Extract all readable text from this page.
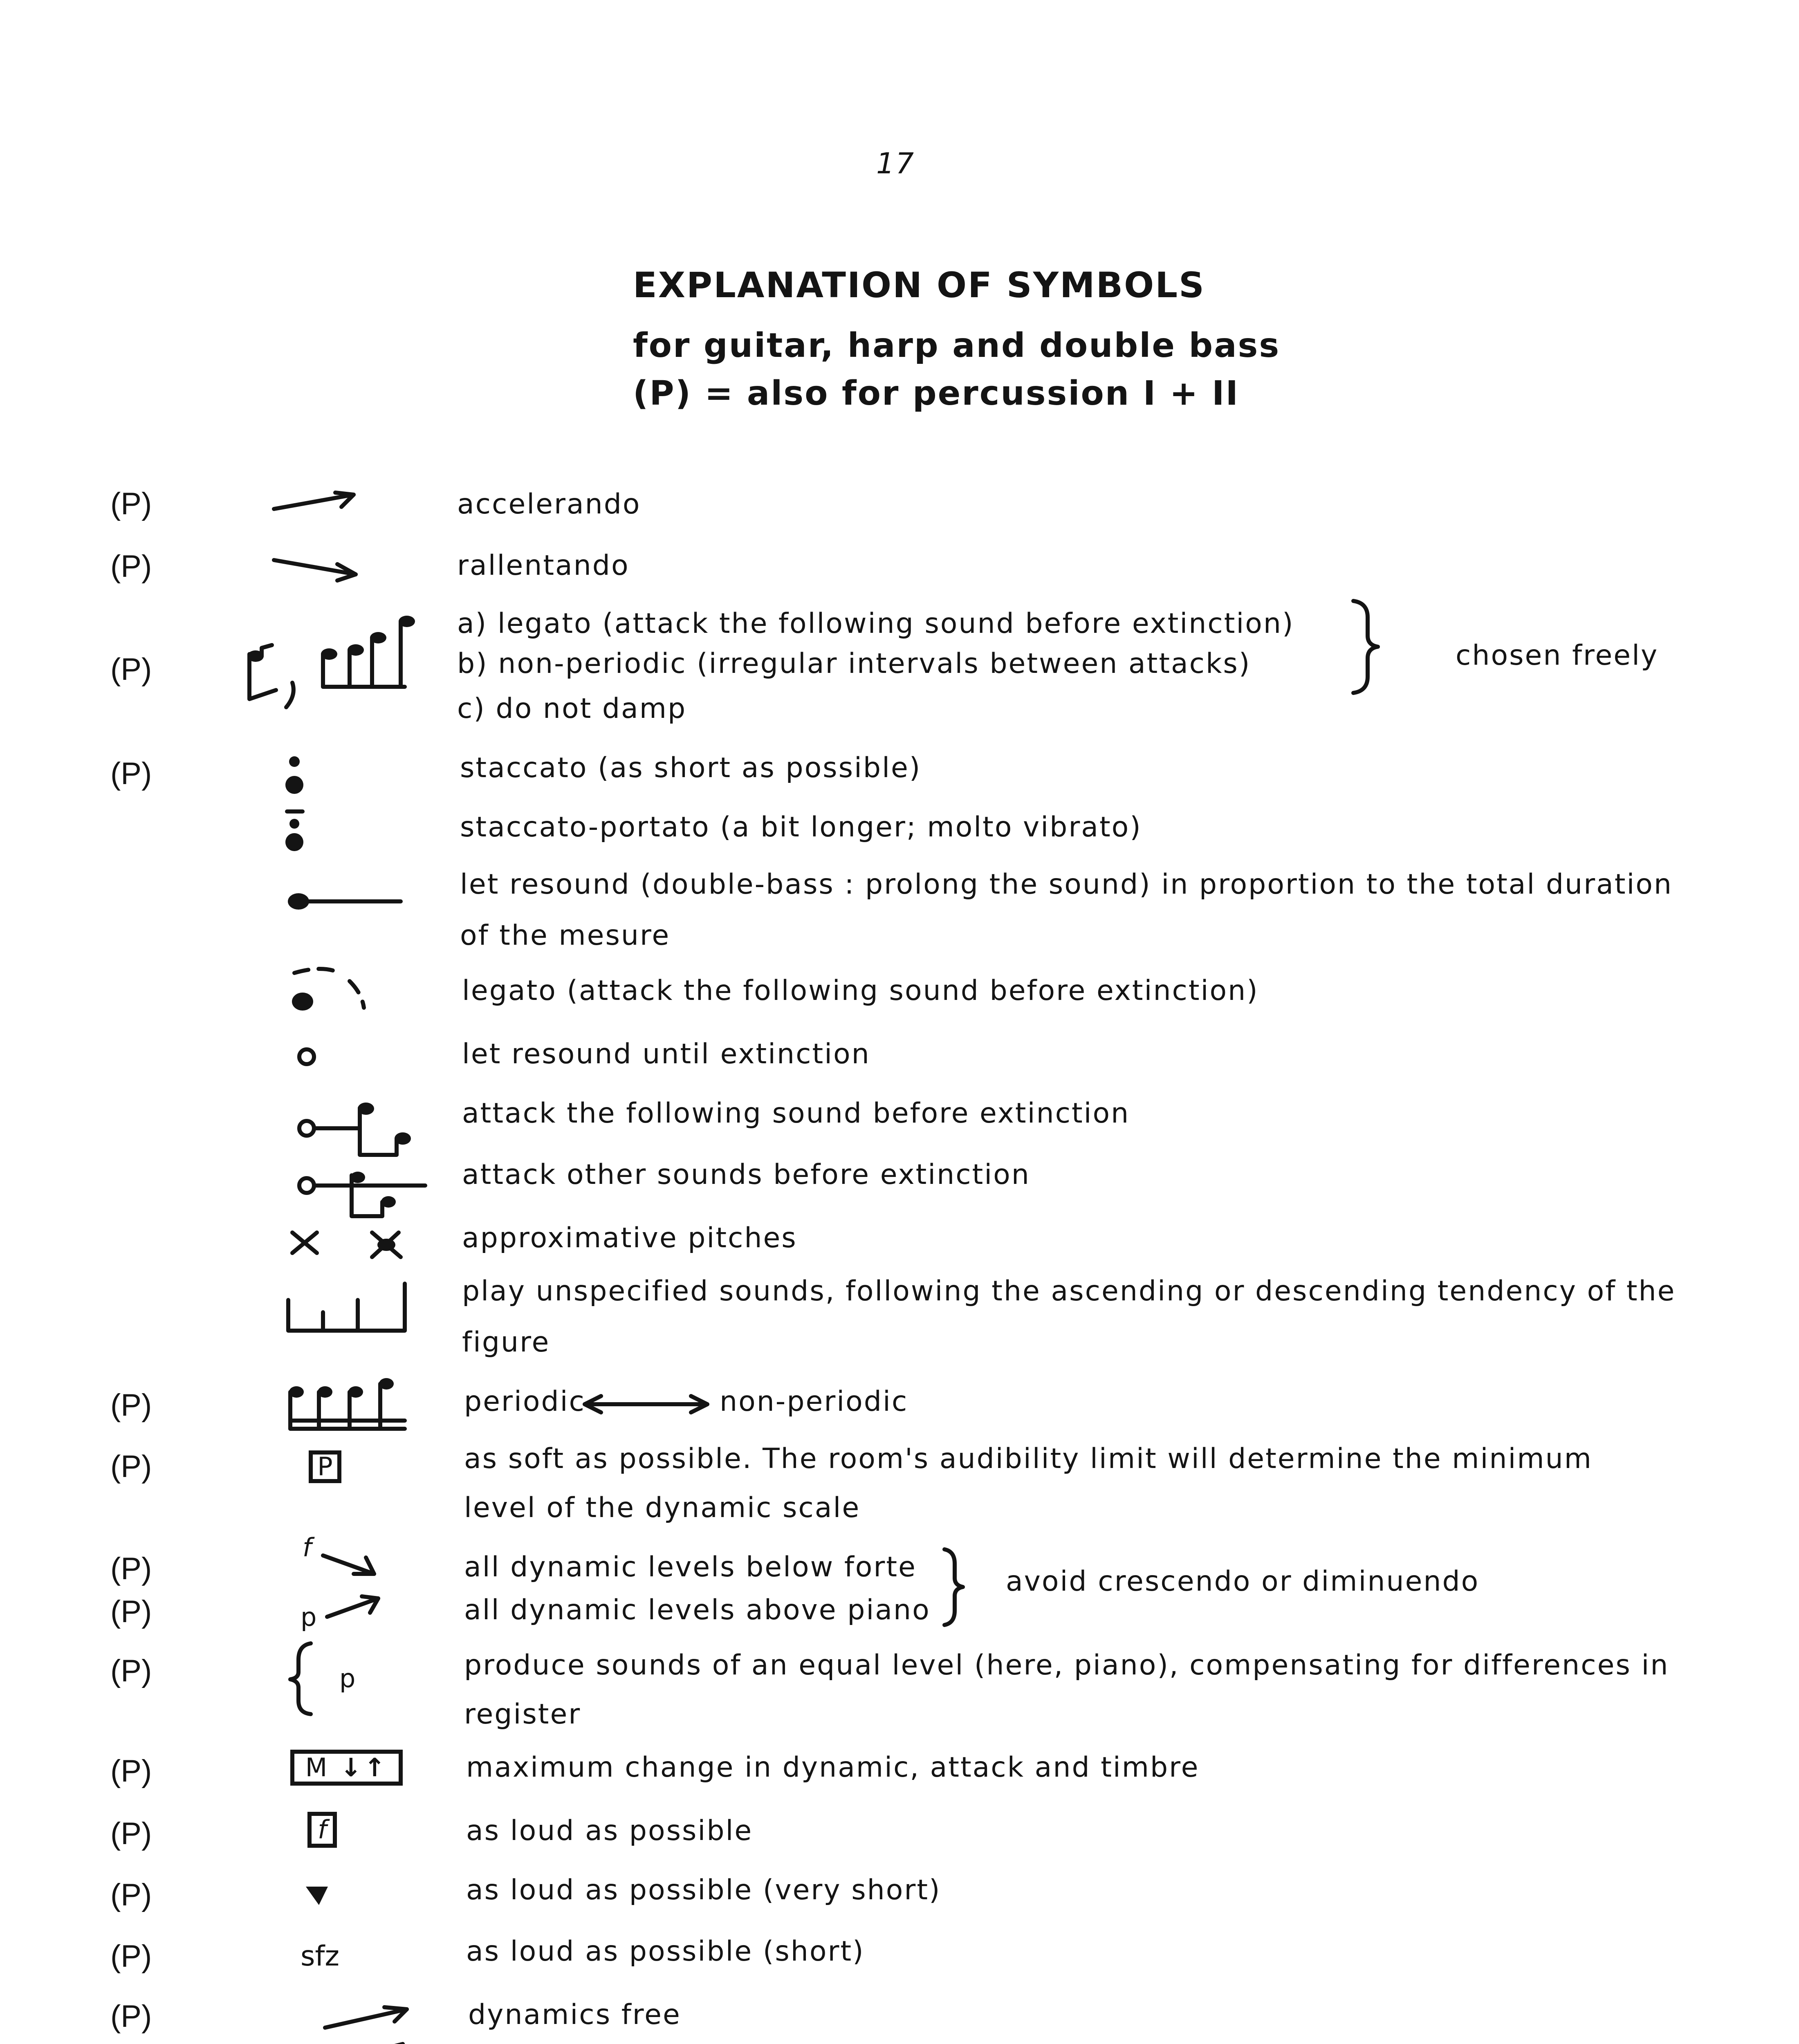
17
EXPLANATION OF SYMBOLS
for guitar, harp and double bass
(P) = also for percussion I + II
(P)
(P)
(P)
(P)
(P)
(P)
(P)
(P)
(P)
(P)
(P)
(P)
(P)
(P)
P
f
p
p
M ↓↑
f
sfz
accelerando
rallentando
a) legato (attack the following sound before extinction)
b) non-periodic (irregular intervals between attacks)
c) do not damp
chosen freely
staccato (as short as possible)
staccato-portato (a bit longer; molto vibrato)
let resound (double-bass : prolong the sound) in proportion to the total duration
of the mesure
legato (attack the following sound before extinction)
let resound until extinction
attack the following sound before extinction
attack other sounds before extinction
approximative pitches
play unspecified sounds, following the ascending or descending tendency of the
figure
periodic	non-periodic
as soft as possible. The room's audibility limit will determine the minimum
level of the dynamic scale
all dynamic levels below forte
all dynamic levels above piano
avoid crescendo or diminuendo
produce sounds of an equal level (here, piano), compensating for differences in
register
maximum change in dynamic, attack and timbre
as loud as possible
as loud as possible (very short)
as loud as possible (short)
dynamics free
